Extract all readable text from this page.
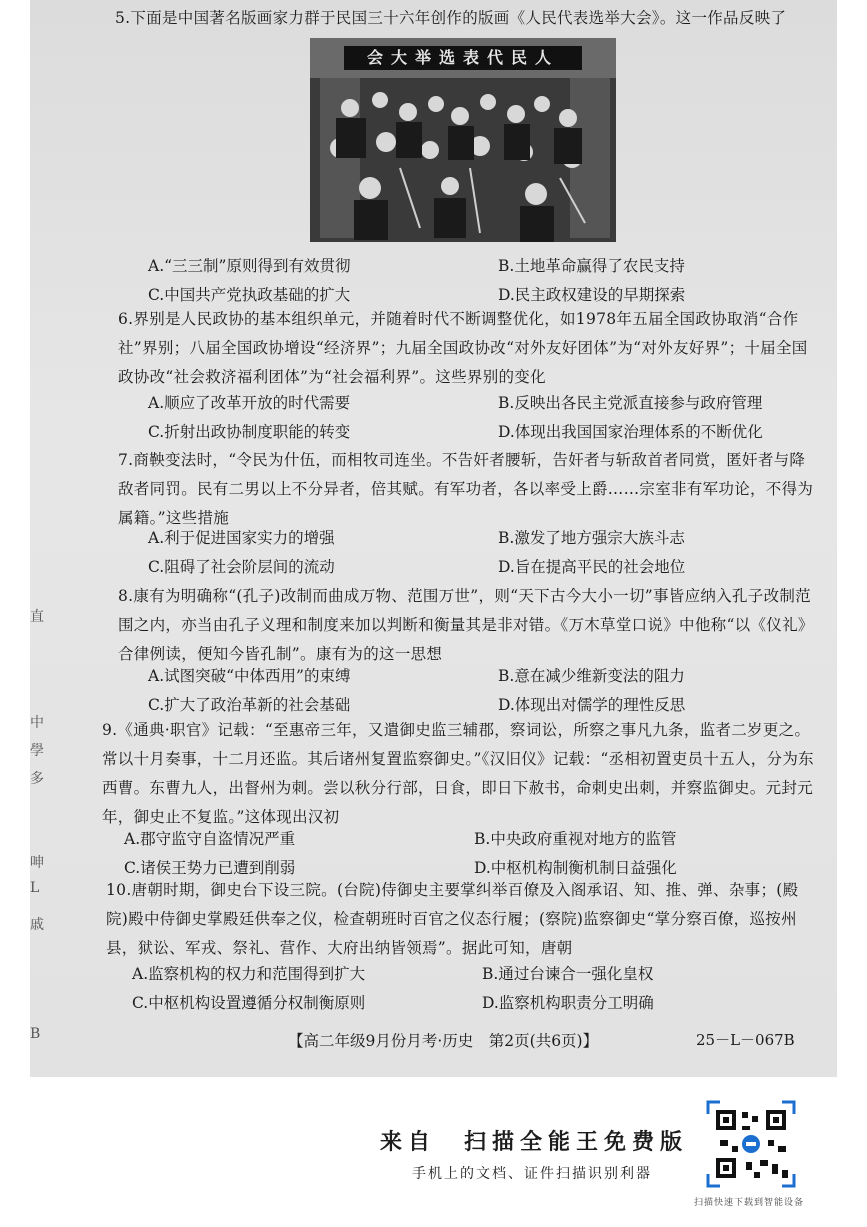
直
中
學
多
呻
L
戚
B
5.下面是中国著名版画家力群于民国三十六年创作的版画《人民代表选举大会》。这一作品反映了
会大举选表代民人
A.“三三制”原则得到有效贯彻	B.土地革命赢得了农民支持
C.中国共产党执政基础的扩大	D.民主政权建设的早期探索
6.界别是人民政协的基本组织单元，并随着时代不断调整优化，如1978年五届全国政协取消“合作社”界别；八届全国政协增设“经济界”；九届全国政协改“对外友好团体”为“对外友好界”；十届全国政协改“社会救济福利团体”为“社会福利界”。这些界别的变化
A.顺应了改革开放的时代需要	B.反映出各民主党派直接参与政府管理
C.折射出政协制度职能的转变	D.体现出我国国家治理体系的不断优化
7.商鞅变法时，“令民为什伍，而相牧司连坐。不告奸者腰斩，告奸者与斩敌首者同赏，匿奸者与降敌者同罚。民有二男以上不分异者，倍其赋。有军功者，各以率受上爵……宗室非有军功论，不得为属籍。”这些措施
A.利于促进国家实力的增强	B.激发了地方强宗大族斗志
C.阻碍了社会阶层间的流动	D.旨在提高平民的社会地位
8.康有为明确称“(孔子)改制而曲成万物、范围万世”，则“天下古今大小一切”事皆应纳入孔子改制范围之内，亦当由孔子义理和制度来加以判断和衡量其是非对错。《万木草堂口说》中他称“以《仪礼》合律例读，便知今皆孔制”。康有为的这一思想
A.试图突破“中体西用”的束缚	B.意在减少维新变法的阻力
C.扩大了政治革新的社会基础	D.体现出对儒学的理性反思
9.《通典·职官》记载：“至惠帝三年，又遣御史监三辅郡，察词讼，所察之事凡九条，监者二岁更之。常以十月奏事，十二月还监。其后诸州复置监察御史。”《汉旧仪》记载：“丞相初置吏员十五人，分为东西曹。东曹九人，出督州为刺。尝以秋分行部，日食，即日下赦书，命刺史出刺，并察监御史。元封元年，御史止不复监。”这体现出汉初
A.郡守监守自盗情况严重	B.中央政府重视对地方的监管
C.诸侯王势力已遭到削弱	D.中枢机构制衡机制日益强化
10.唐朝时期，御史台下设三院。(台院)侍御史主要掌纠举百僚及入阁承诏、知、推、弹、杂事；(殿院)殿中侍御史掌殿廷供奉之仪，检查朝班时百官之仪态行履；(察院)监察御史“掌分察百僚，巡按州县，狱讼、军戎、祭礼、营作、大府出纳皆领焉”。据此可知，唐朝
A.监察机构的权力和范围得到扩大	B.通过台谏合一强化皇权
C.中枢机构设置遵循分权制衡原则	D.监察机构职责分工明确
【高二年级9月份月考·历史　第2页(共6页)】	25－L－067B
来自　扫描全能王免费版
手机上的文档、证件扫描识别利器
扫描快速下载到智能设备
